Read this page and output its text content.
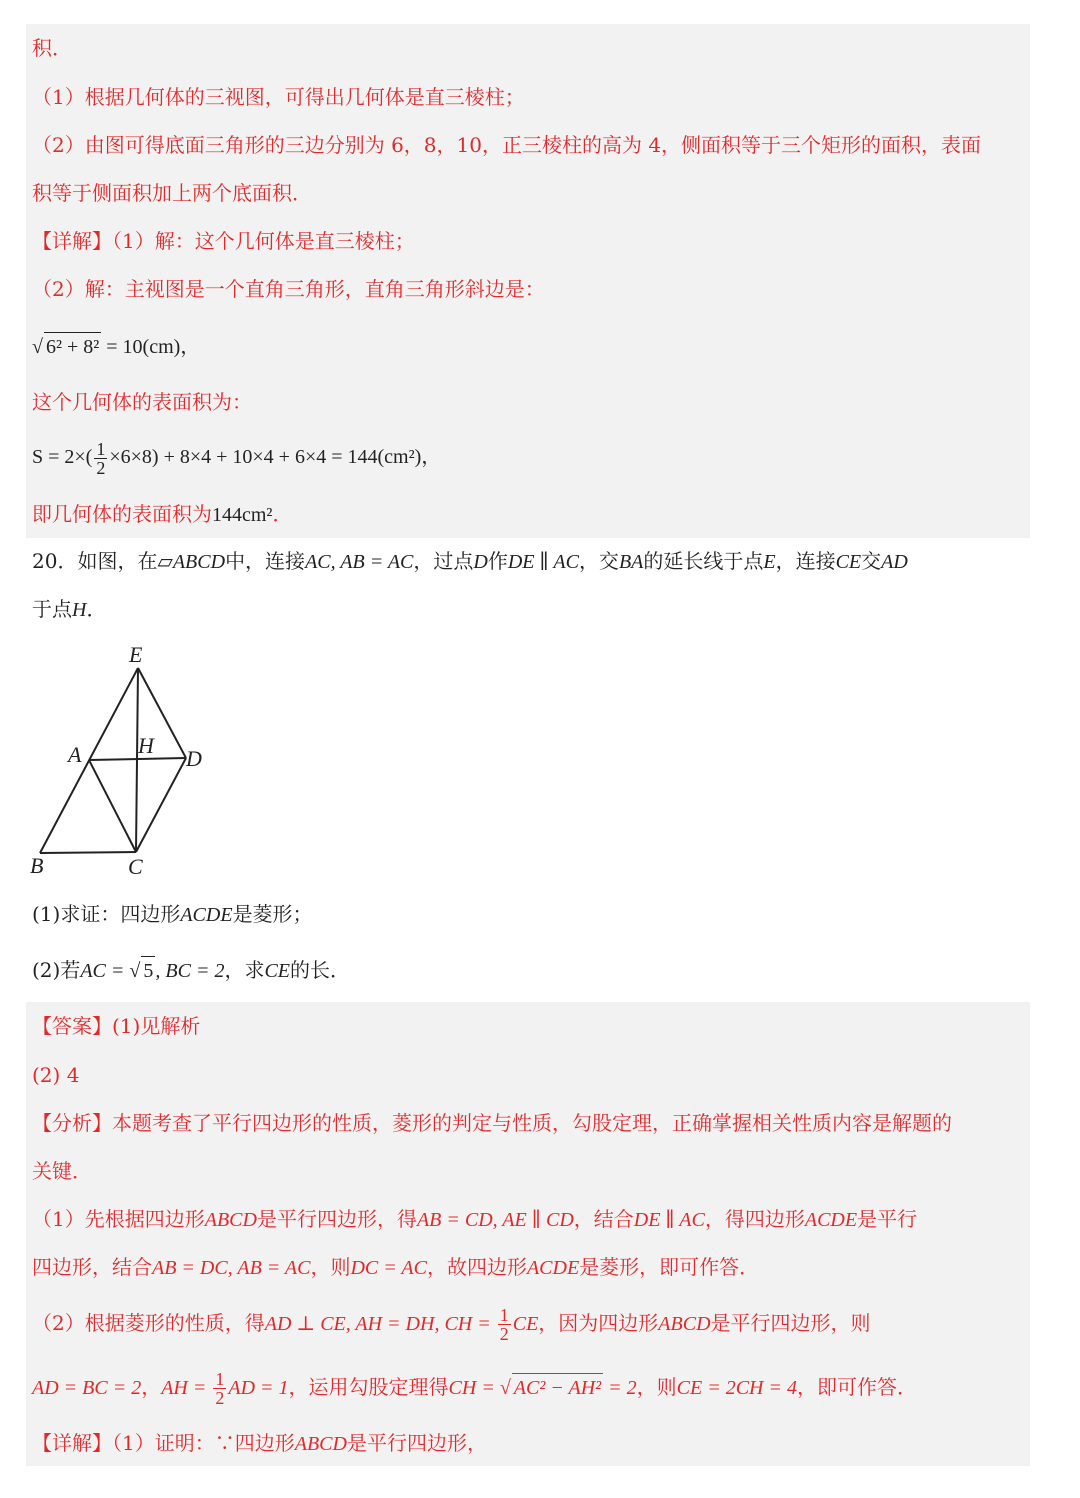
积．
（1）根据几何体的三视图，可得出几何体是直三棱柱；
（2）由图可得底面三角形的三边分别为 6，8，10，正三棱柱的高为 4，侧面积等于三个矩形的面积，表面
积等于侧面积加上两个底面积．
【详解】（1）解：这个几何体是直三棱柱；
（2）解：主视图是一个直角三角形，直角三角形斜边是：
√ 6² + 8² = 10(cm)，
这个几何体的表面积为：
$S = 2\times( \frac{1}{2} \times 6\times 8) + 8\times 4 + 10\times 4 + 6\times 4 = 144(cm^2)$，
即几何体的表面积为144cm²．
20．如图，在▱ABCD中，连接AC, AB = AC，过点D作DE ∥ AC，交BA的延长线于点E，连接CE交AD
于点H．
E
A	H
D
B	C
(1)求证：四边形ACDE是菱形；
(2)若AC = √ 5 , BC = 2，求CE的长．
【答案】(1)见解析
(2) 4
【分析】本题考查了平行四边形的性质，菱形的判定与性质，勾股定理，正确掌握相关性质内容是解题的
关键．
（1）先根据四边形ABCD是平行四边形，得AB = CD, AE ∥ CD，结合DE ∥ AC，得四边形ACDE是平行
四边形，结合AB = DC, AB = AC，则DC = AC，故四边形ACDE是菱形，即可作答．
（2）根据菱形的性质，得AD ⊥ CE, AH = DH, CH = $\frac{1}{2}$ CE，因为四边形ABCD是平行四边形，则
AD = BC = 2，AH = $\frac{1}{2}$ AD = 1，运用勾股定理得CH = √ AC² − AH² = 2，则CE = 2CH = 4，即可作答．
【详解】（1）证明：∵四边形ABCD是平行四边形，
